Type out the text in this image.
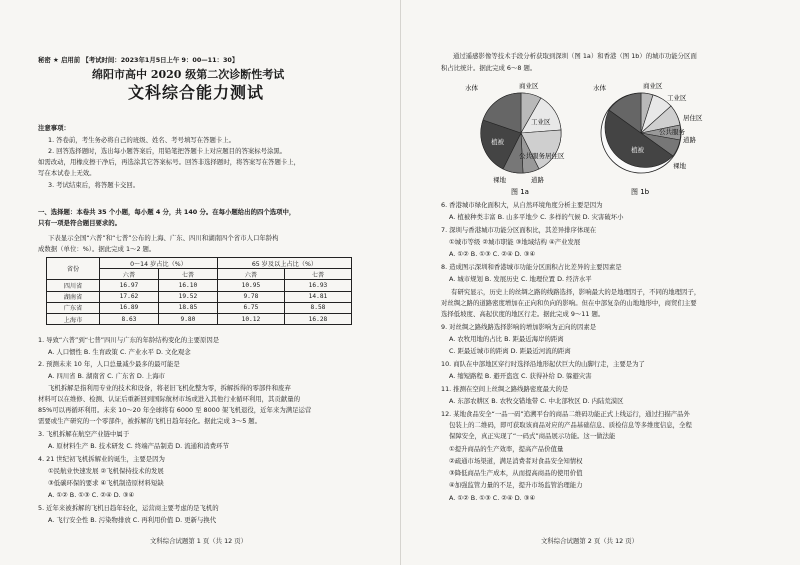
秘密 ★ 启用前 【考试时间：2023年1月5日上午 9：00—11：30】
绵阳市高中 2020 级第二次诊断性考试
文科综合能力测试
注意事项：
1. 答卷前，考生务必将自己的班级、姓名、考号填写在答题卡上。
2. 回答选择题时，选出每小题答案后，用铅笔把答题卡上对应题目的答案标号涂黑。
如需改动，用橡皮擦干净后，再选涂其它答案标号。回答非选择题时，将答案写在答题卡上，
写在本试卷上无效。
3. 考试结束后，将答题卡交回。
一、选择题：本卷共 35 个小题，每小题 4 分，共 140 分。在每小题给出的四个选项中，
只有一项是符合题目要求的。
下表显示全国“六普”和“七普”公布的上海、广东、四川和湖南四个省市人口年龄构
成数据（单位：%）。据此完成 1～2 题。
省份	0～14 岁占比（%）		65 岁及以上占比（%）	
	六普	七普	六普	七普
四川省	16.97	16.10	10.95	16.93
湖南省	17.62	19.52	9.78	14.81
广东省	16.89	18.85	6.75	8.58
上海市	8.63	9.80	10.12	16.28
1. 导致“六普”到“七普”四川与广东的年龄结构变化的主要原因是
A. 人口惯性 B. 生育政策 C. 产业水平 D. 文化观念
2. 预测未来 10 年，人口总量减少最多的最可能是
A. 四川省 B. 湖南省 C. 广东省 D. 上海市
飞机拆解是指利用专业的技术和设备，将老旧飞机化整为零，拆解拆得的零部件和废弃
材料可以在维修、检测、认证后重新回到国际航材市场或进入其他行业循环利用，其贡献量的
85%可以再循环利用。未来 10～20 年全球将有 6000 至 8000 架飞机退役，近年来为满足运营
需要或生产研究的一个零部件，被拆解的飞机日趋年轻化。据此完成 3～5 题。
3. 飞机拆解在航空产业链中属于
A. 原材料生产 B. 技术研发 C. 终端产品制造 D. 流通和消费环节
4. 21 世纪初飞机拆解业的诞生，主要是因为
①民航业快速发展 ②飞机保持技术的发展
③低碳环保的要求 ④飞机制造原材料短缺
A. ①② B. ①③ C. ②④ D. ③④
5. 近年来被拆解的飞机日趋年轻化，运营商主要考虑的是飞机的
A. 飞行安全性 B. 污染物排放 C. 再利用价值 D. 更新与换代
文科综合试题第 1 页（共 12 页）
通过遥感影像等技术手段分析获取到深圳（图 1a）和香港（图 1b）的城市功能分区面
积占比统计。据此完成 6～8 题。
水体	商业区
工业区
植被
公共服务 居住区
道路
裸地
图 1a
水体	商业区
工业区
居住区
公共服务
道路
植被
裸地
图 1b
6. 香港城市绿化面积大，从自然环境角度分析主要是因为
A. 植被种类丰富 B. 山多平地少 C. 多样的气候 D. 灾害破坏小
7. 深圳与香港城市功能分区面积比，其差异排序体现在
①城市等级 ②城市职能 ③地域结构 ④产业发展
A. ①② B. ①③ C. ②④ D. ③④
8. 造成图示深圳和香港城市功能分区面积占比差异的主要因素是
A. 城市规划 B. 发展历史 C. 地理位置 D. 经济水平
有研究显示，历史上的丝绸之路的线路选择，影响最大的是地理因子，不同的地理因子，
对丝绸之路的道路密度增加在正向和负向的影响。但在中部复杂的山地地形中，商贸们主要
选择低坡度、高起伏度的地区行走。据此完成 9～11 题。
9. 对丝绸之路线路选择影响的增加影响为正向的因素是
A. 农牧用地的占比 B. 距最近海岸的距离
C. 距最近城市的距离 D. 距最近河流的距离
10. 商队在中部地区穿行时选择沿地形起伏巨大的山脚行走，主要是为了
A. 缩短路程 B. 避开盗寇 C. 获得补给 D. 躲避灾害
11. 推测在空间上丝绸之路线路密度最大的是
A. 东部农耕区 B. 农牧交错地带 C. 中北部牧区 D. 内陆荒漠区
12. 某地食品安全“一品一码”追溯平台的商品二维码功能正式上线运行，通过扫描产品外
包装上的二维码，即可获取该商品对应的产品基础信息、质检信息等多维度信息，全程
保障安全，真正实现了“一码式”商品展示功能。这一做法能
①提升商品的生产效率，提高产品价值量
②疏通市场渠道，满足消费者对食品安全知情权
③降低商品生产成本，从而提高商品的使用价值
④加强监管力量的不足，提升市场监管治理能力
A. ①② B. ①③ C. ②④ D. ③④
文科综合试题第 2 页（共 12 页）
